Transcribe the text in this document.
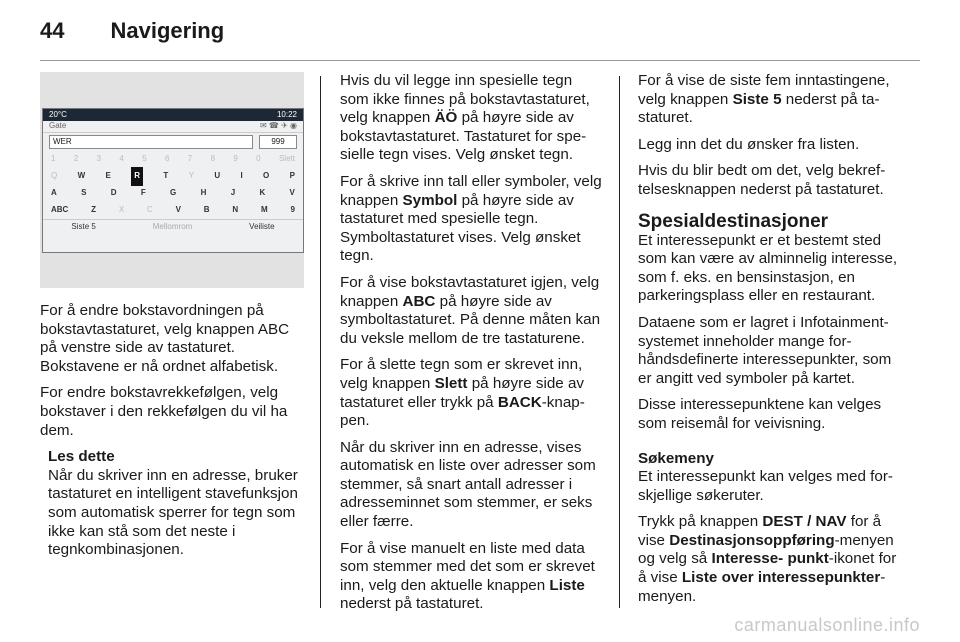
44 Navigering
20°C	10:22
Gate	✉ ☎ ✈ ◉
WER	999
1 2 3 4 5 6 7 8 9 0 Slett
Q	W	E	R	T	Y	U	I	O	P
A	S	D	F	G	H	J	K	V
ABC	Z	X	C	V	B	N	M	9
Siste 5	Mellomrom	Veiliste

For å endre bokstavordningen på bokstavtastaturet, velg knappen ABC på venstre side av tastaturet. Bokstavene er nå ordnet alfabetisk.

For endre bokstavrekkefølgen, velg bokstaver i den rekkefølgen du vil ha dem.

Les dette
Når du skriver inn en adresse, bruker tastaturet en intelligent stavefunksjon som automatisk sperrer for tegn som ikke kan stå som det neste i tegnkombinasjonen.

Hvis du vil legge inn spesielle tegn som ikke finnes på bokstavtastaturet, velg knappen ÄÖ på høyre side av bokstavtastaturet. Tastaturet for spesielle tegn vises. Velg ønsket tegn.

For å skrive inn tall eller symboler, velg knappen Symbol på høyre side av tastaturet med spesielle tegn. Symboltastaturet vises. Velg ønsket tegn.

For å vise bokstavtastaturet igjen, velg knappen ABC på høyre side av symboltastaturet. På denne måten kan du veksle mellom de tre tastaturene.

For å slette tegn som er skrevet inn, velg knappen Slett på høyre side av tastaturet eller trykk på BACK-knappen.

Når du skriver inn en adresse, vises automatisk en liste over adresser som stemmer, så snart antall adresser i adresseminnet som stemmer, er seks eller færre.

For å vise manuelt en liste med data som stemmer med det som er skrevet inn, velg den aktuelle knappen Liste nederst på tastaturet.

For å vise de siste fem inntastingene, velg knappen Siste 5 nederst på tastaturet.

Legg inn det du ønsker fra listen.

Hvis du blir bedt om det, velg bekreftelsesknappen nederst på tastaturet.

Spesialdestinasjoner

Et interessepunkt er et bestemt sted som kan være av alminnelig interesse, som f. eks. en bensinstasjon, en parkeringsplass eller en restaurant.

Dataene som er lagret i Infotainment-systemet inneholder mange forhåndsdefinerte interessepunkter, som er angitt ved symboler på kartet.

Disse interessepunktene kan velges som reisemål for veivisning.

Søkemeny

Et interessepunkt kan velges med forskjellige søkeruter.

Trykk på knappen DEST / NAV for å vise Destinasjonsoppføring-menyen og velg så Interesse- punkt-ikonet for å vise Liste over interessepunkter-menyen.

carmanualsonline.info
